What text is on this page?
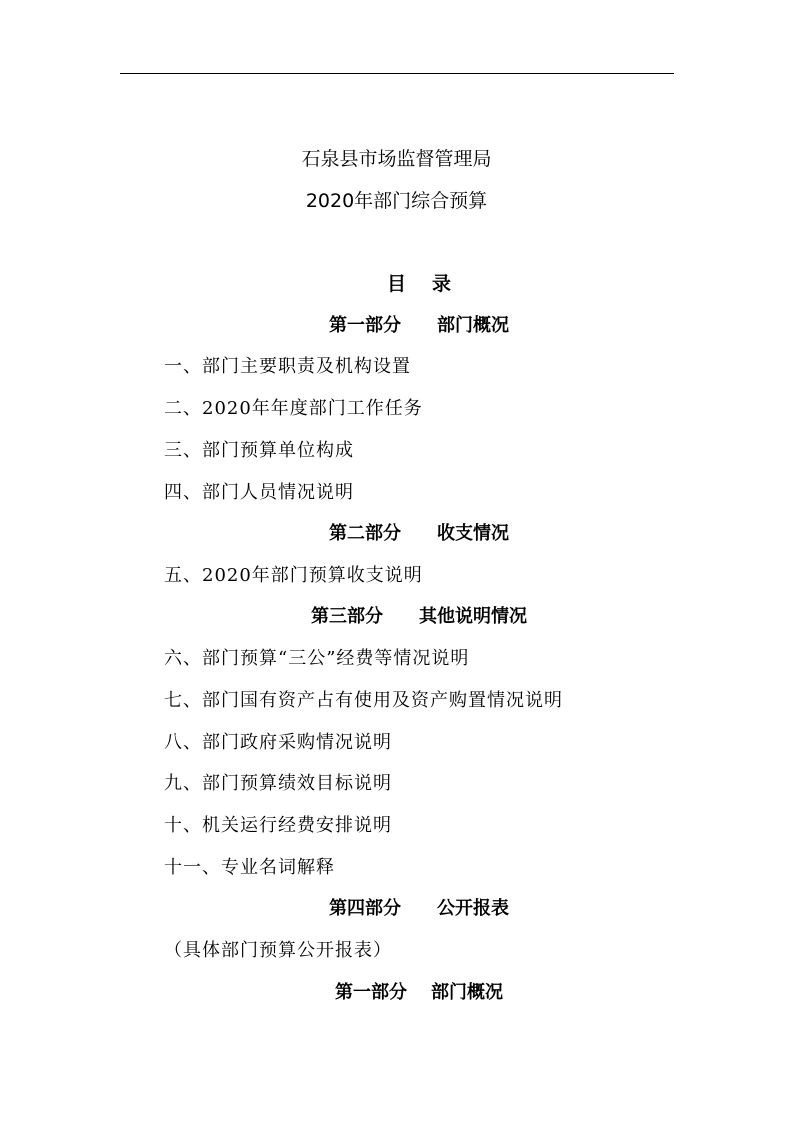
石泉县市场监督管理局
2020年部门综合预算
目 录
第一部分 部门概况
一、部门主要职责及机构设置
二、2020年年度部门工作任务
三、部门预算单位构成
四、部门人员情况说明
第二部分 收支情况
五、2020年部门预算收支说明
第三部分 其他说明情况
六、部门预算“三公”经费等情况说明
七、部门国有资产占有使用及资产购置情况说明
八、部门政府采购情况说明
九、部门预算绩效目标说明
十、机关运行经费安排说明
十一、专业名词解释
第四部分 公开报表
（具体部门预算公开报表）
第一部分 部门概况
